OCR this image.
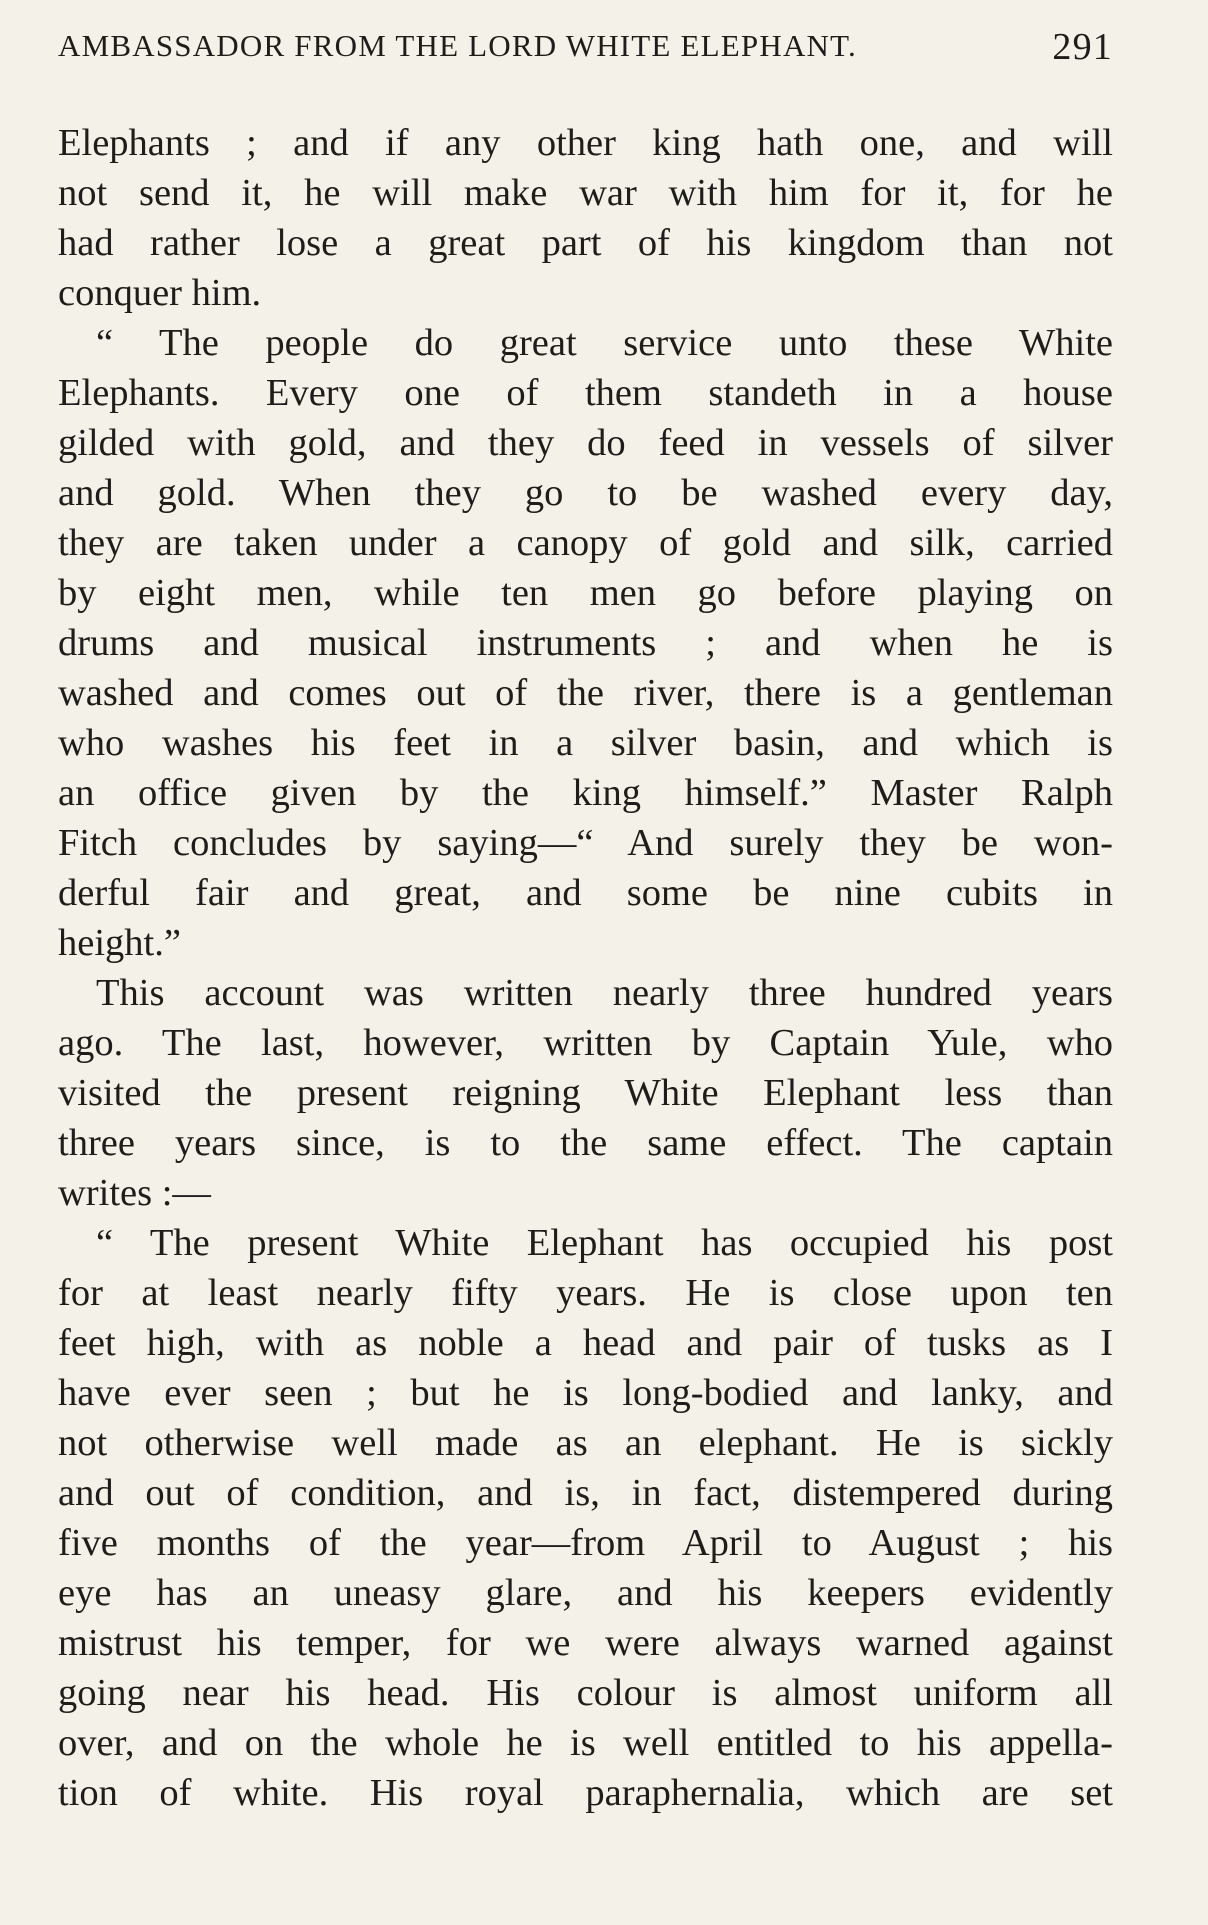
AMBASSADOR FROM THE LORD WHITE ELEPHANT.	291
Elephants ; and if any other king hath one, and will
not send it, he will make war with him for it, for he
had rather lose a great part of his kingdom than not
conquer him.
“ The people do great service unto these White
Elephants. Every one of them standeth in a house
gilded with gold, and they do feed in vessels of silver
and gold. When they go to be washed every day,
they are taken under a canopy of gold and silk, carried
by eight men, while ten men go before playing on
drums and musical instruments ; and when he is
washed and comes out of the river, there is a gentleman
who washes his feet in a silver basin, and which is
an office given by the king himself.” Master Ralph
Fitch concludes by saying—“ And surely they be won-
derful fair and great, and some be nine cubits in
height.”
This account was written nearly three hundred years
ago. The last, however, written by Captain Yule, who
visited the present reigning White Elephant less than
three years since, is to the same effect. The captain
writes :—
“ The present White Elephant has occupied his post
for at least nearly fifty years. He is close upon ten
feet high, with as noble a head and pair of tusks as I
have ever seen ; but he is long-bodied and lanky, and
not otherwise well made as an elephant. He is sickly
and out of condition, and is, in fact, distempered during
five months of the year—from April to August ; his
eye has an uneasy glare, and his keepers evidently
mistrust his temper, for we were always warned against
going near his head. His colour is almost uniform all
over, and on the whole he is well entitled to his appella-
tion of white. His royal paraphernalia, which are set
